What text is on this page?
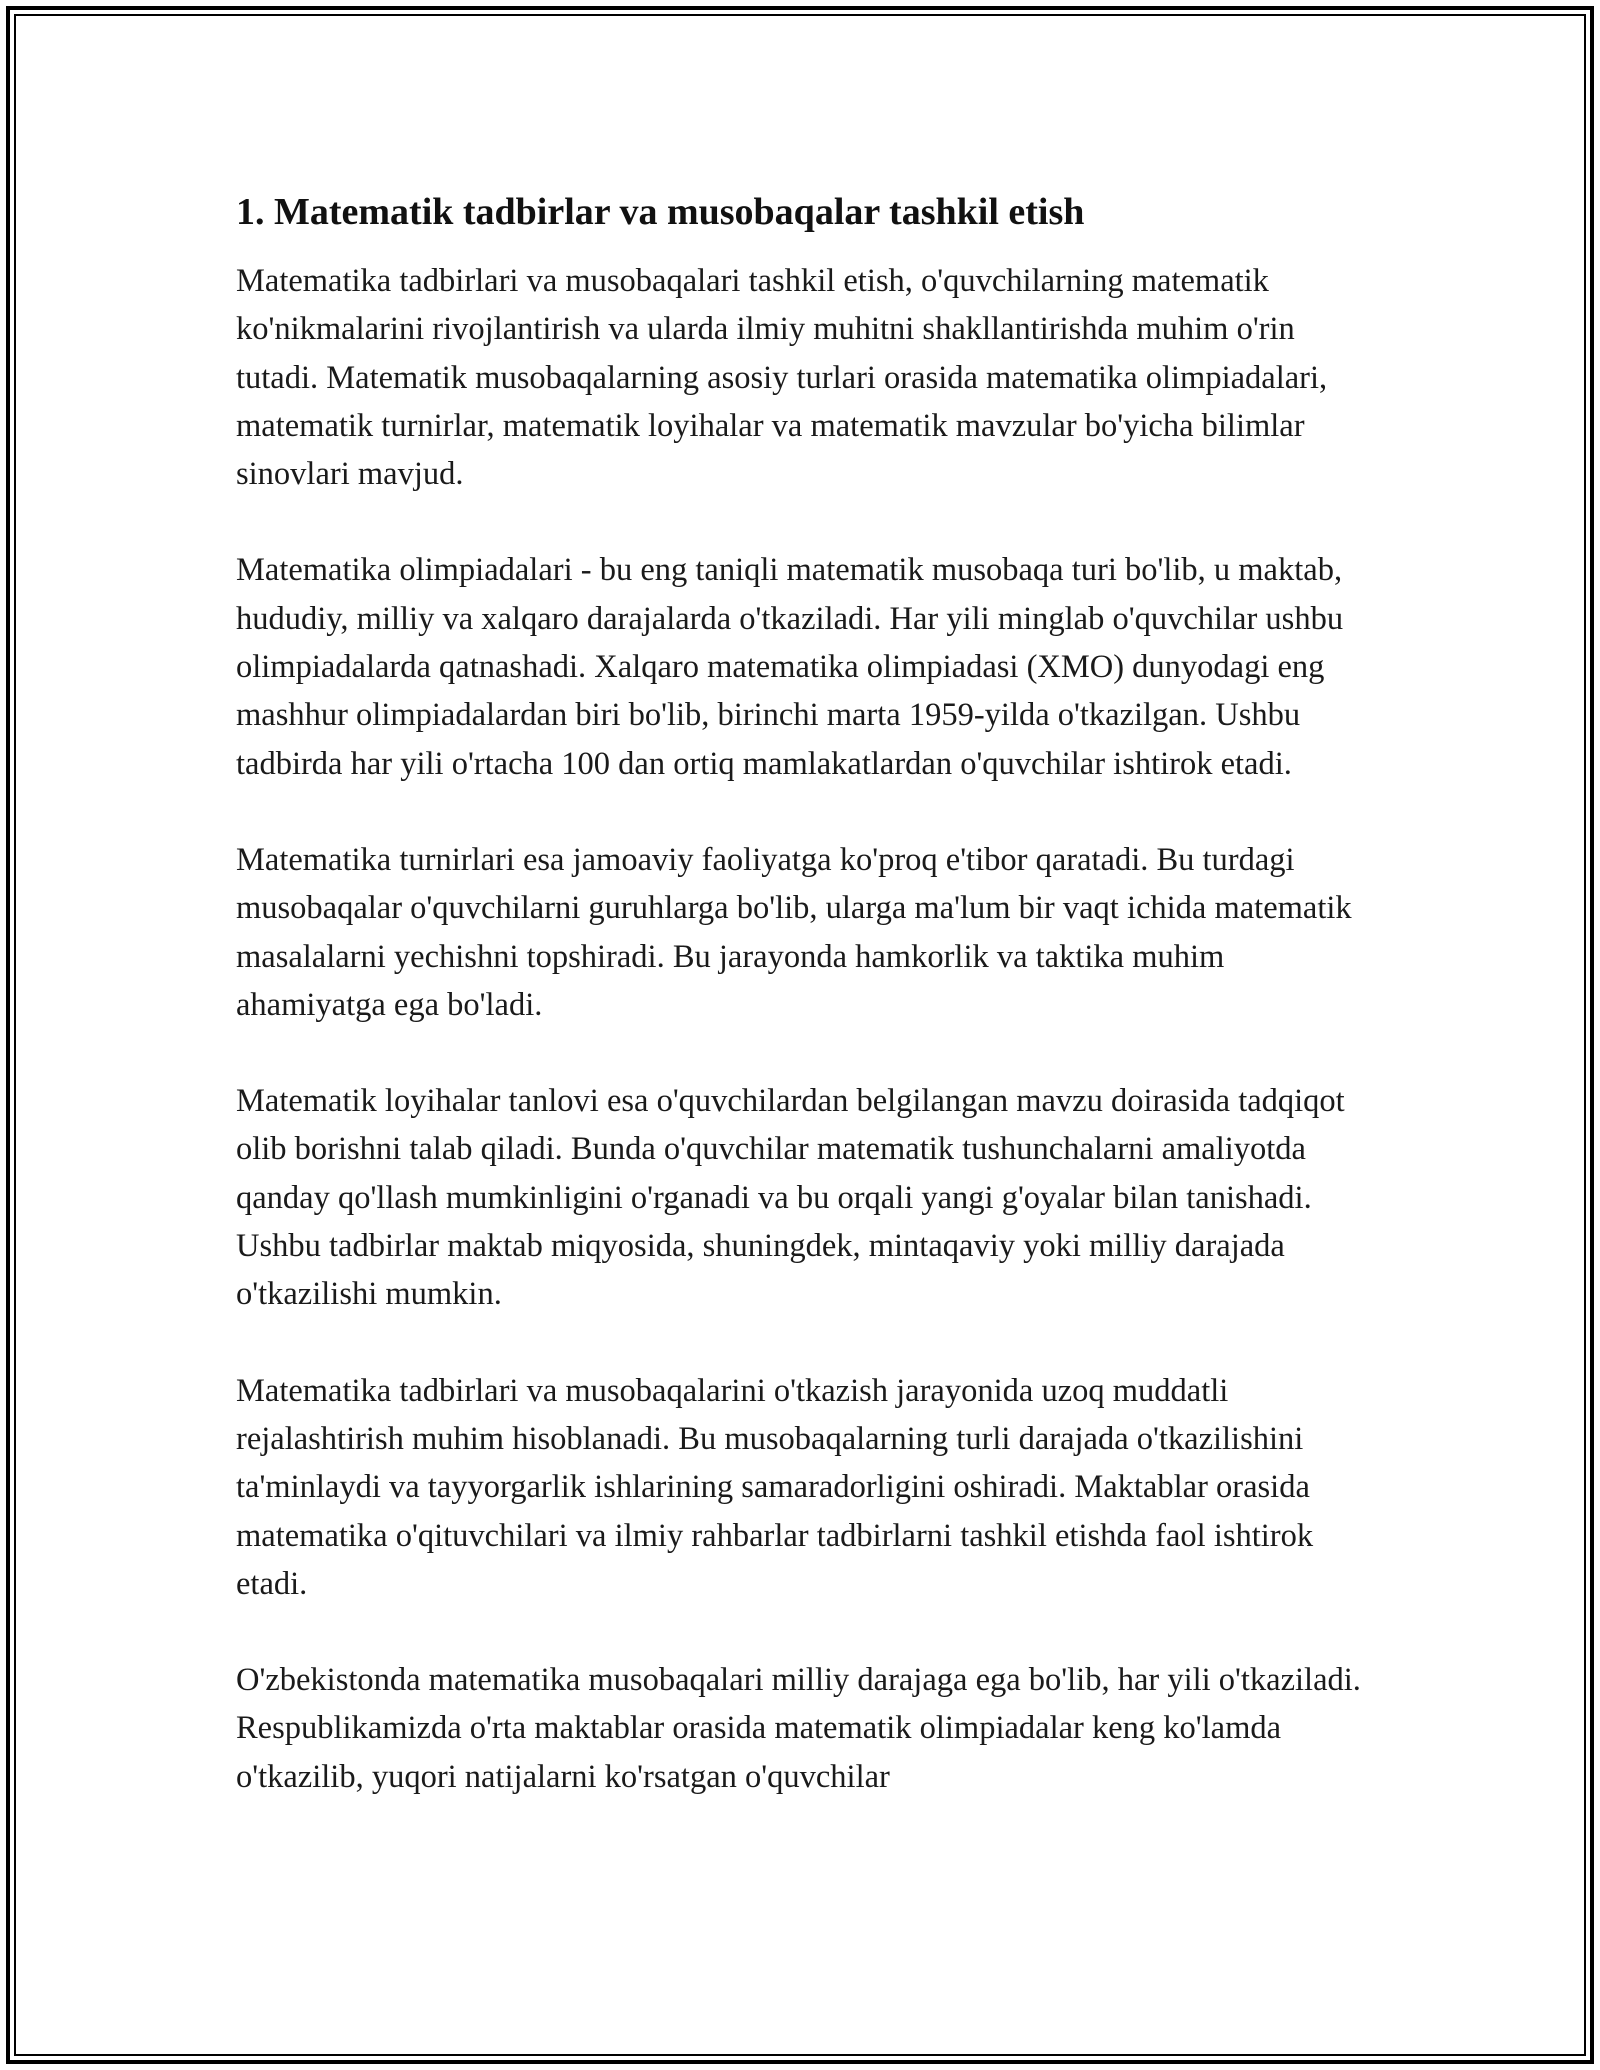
1. Matematik tadbirlar va musobaqalar tashkil etish

Matematika tadbirlari va musobaqalari tashkil etish, o'quvchilarning matematik ko'nikmalarini rivojlantirish va ularda ilmiy muhitni shakllantirishda muhim o'rin tutadi. Matematik musobaqalarning asosiy turlari orasida matematika olimpiadalari, matematik turnirlar, matematik loyihalar va matematik mavzular bo'yicha bilimlar sinovlari mavjud.

Matematika olimpiadalari - bu eng taniqli matematik musobaqa turi bo'lib, u maktab, hududiy, milliy va xalqaro darajalarda o'tkaziladi. Har yili minglab o'quvchilar ushbu olimpiadalarda qatnashadi. Xalqaro matematika olimpiadasi (XMO) dunyodagi eng mashhur olimpiadalardan biri bo'lib, birinchi marta 1959-yilda o'tkazilgan. Ushbu tadbirda har yili o'rtacha 100 dan ortiq mamlakatlardan o'quvchilar ishtirok etadi.

Matematika turnirlari esa jamoaviy faoliyatga ko'proq e'tibor qaratadi. Bu turdagi musobaqalar o'quvchilarni guruhlarga bo'lib, ularga ma'lum bir vaqt ichida matematik masalalarni yechishni topshiradi. Bu jarayonda hamkorlik va taktika muhim ahamiyatga ega bo'ladi.

Matematik loyihalar tanlovi esa o'quvchilardan belgilangan mavzu doirasida tadqiqot olib borishni talab qiladi. Bunda o'quvchilar matematik tushunchalarni amaliyotda qanday qo'llash mumkinligini o'rganadi va bu orqali yangi g'oyalar bilan tanishadi. Ushbu tadbirlar maktab miqyosida, shuningdek, mintaqaviy yoki milliy darajada o'tkazilishi mumkin.

Matematika tadbirlari va musobaqalarini o'tkazish jarayonida uzoq muddatli rejalashtirish muhim hisoblanadi. Bu musobaqalarning turli darajada o'tkazilishini ta'minlaydi va tayyorgarlik ishlarining samaradorligini oshiradi. Maktablar orasida matematika o'qituvchilari va ilmiy rahbarlar tadbirlarni tashkil etishda faol ishtirok etadi.

O'zbekistonda matematika musobaqalari milliy darajaga ega bo'lib, har yili o'tkaziladi. Respublikamizda o'rta maktablar orasida matematik olimpiadalar keng ko'lamda o'tkazilib, yuqori natijalarni ko'rsatgan o'quvchilar
